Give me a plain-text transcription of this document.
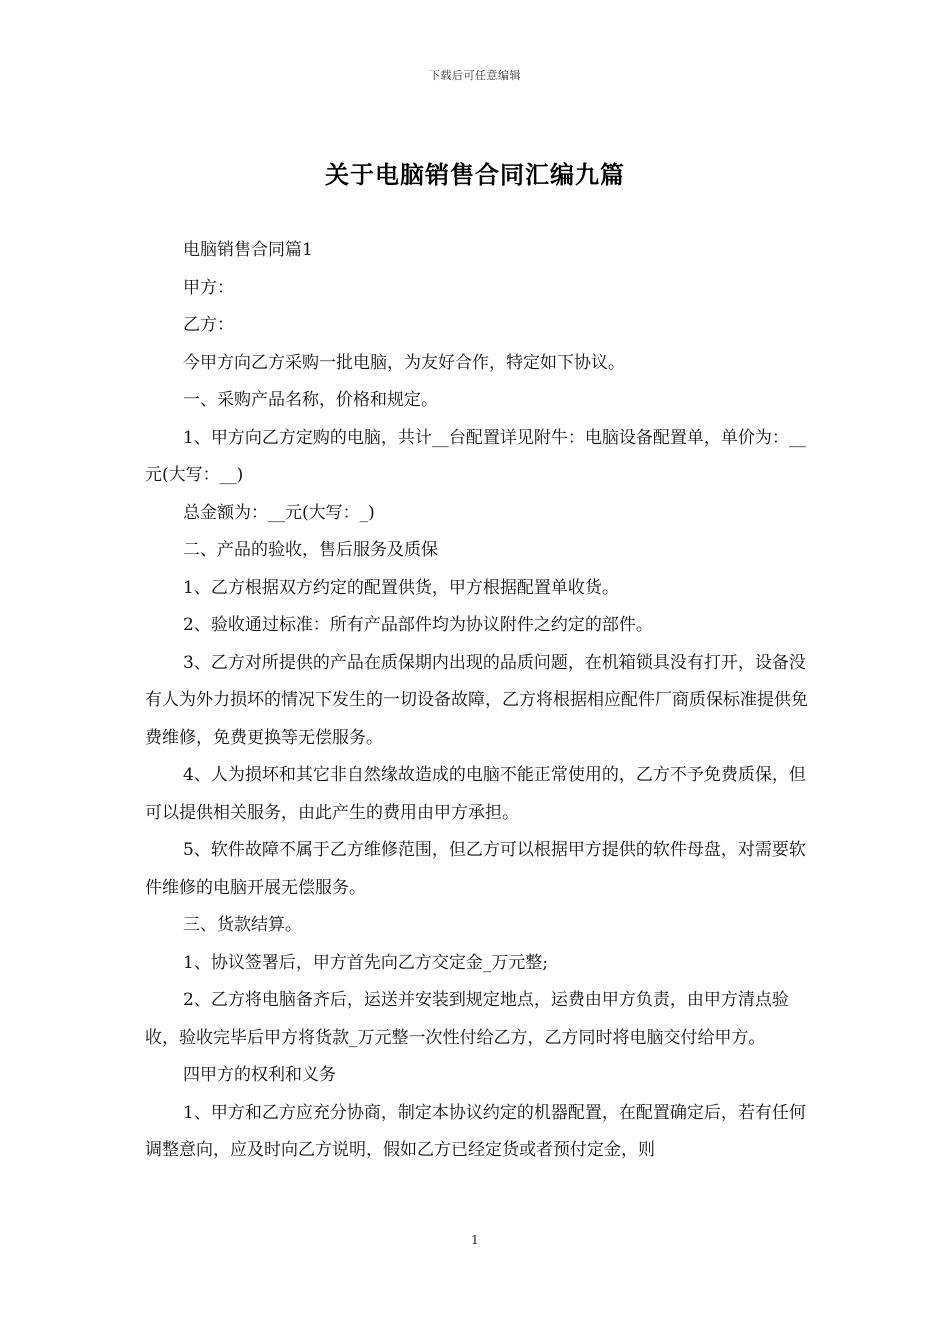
下载后可任意编辑
关于电脑销售合同汇编九篇

电脑销售合同篇1

甲方：

乙方：

今甲方向乙方采购一批电脑，为友好合作，特定如下协议。

一、采购产品名称，价格和规定。

1、甲方向乙方定购的电脑，共计__台配置详见附牛：电脑设备配置单，单价为：__元(大写：__)

总金额为：__元(大写：_)

二、产品的验收，售后服务及质保

1、乙方根据双方约定的配置供货，甲方根据配置单收货。

2、验收通过标准：所有产品部件均为协议附件之约定的部件。

3、乙方对所提供的产品在质保期内出现的品质问题，在机箱锁具没有打开，设备没有人为外力损坏的情况下发生的一切设备故障，乙方将根据相应配件厂商质保标准提供免费维修，免费更换等无偿服务。

4、人为损坏和其它非自然缘故造成的电脑不能正常使用的，乙方不予免费质保，但可以提供相关服务，由此产生的费用由甲方承担。

5、软件故障不属于乙方维修范围，但乙方可以根据甲方提供的软件母盘，对需要软件维修的电脑开展无偿服务。

三、货款结算。

1、协议签署后，甲方首先向乙方交定金_万元整;

2、乙方将电脑备齐后，运送并安装到规定地点，运费由甲方负责，由甲方清点验收，验收完毕后甲方将货款_万元整一次性付给乙方，乙方同时将电脑交付给甲方。

四甲方的权利和义务

1、甲方和乙方应充分协商，制定本协议约定的机器配置，在配置确定后，若有任何调整意向，应及时向乙方说明，假如乙方已经定货或者预付定金，则

1
